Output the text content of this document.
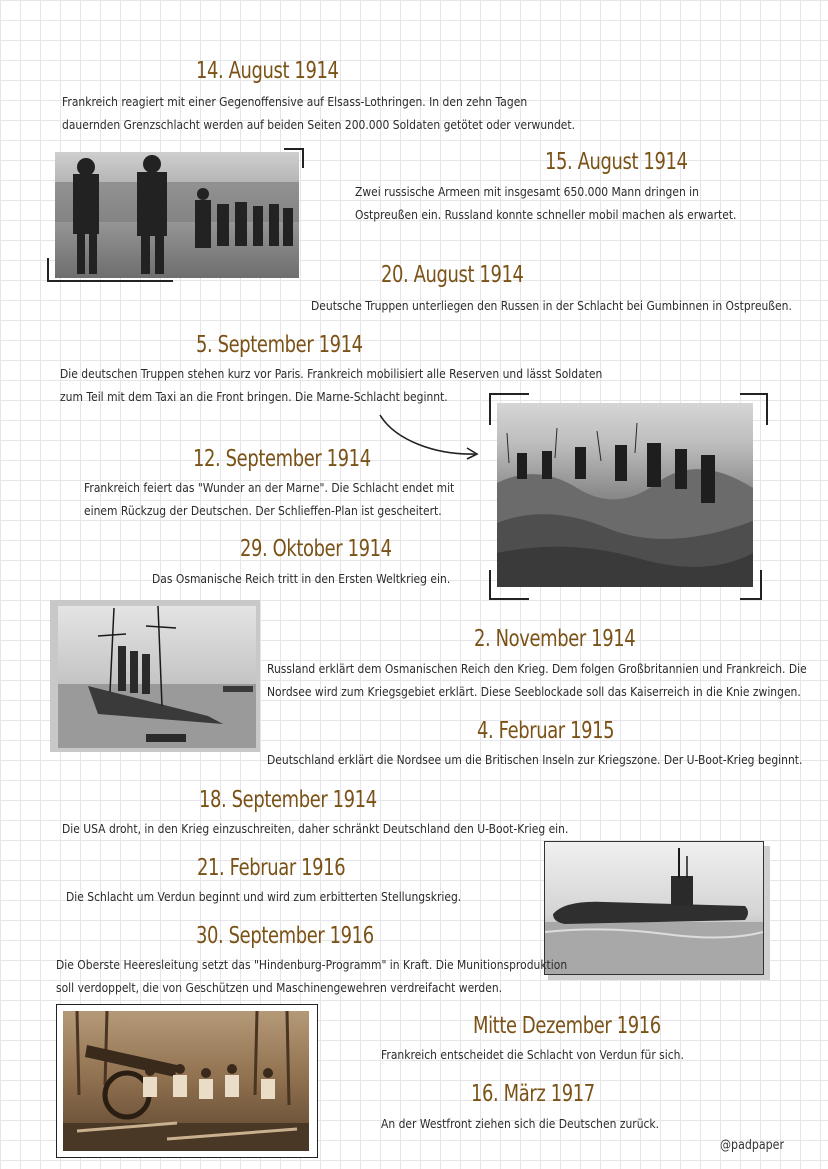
14. August 1914
Frankreich reagiert mit einer Gegenoffensive auf Elsass-Lothringen. In den zehn Tagen
dauernden Grenzschlacht werden auf beiden Seiten 200.000 Soldaten getötet oder verwundet.
15. August 1914
Zwei russische Armeen mit insgesamt 650.000 Mann dringen in
Ostpreußen ein. Russland konnte schneller mobil machen als erwartet.
20. August 1914
Deutsche Truppen unterliegen den Russen in der Schlacht bei Gumbinnen in Ostpreußen.
5. September 1914
Die deutschen Truppen stehen kurz vor Paris. Frankreich mobilisiert alle Reserven und lässt Soldaten
zum Teil mit dem Taxi an die Front bringen. Die Marne-Schlacht beginnt.
12. September 1914
Frankreich feiert das "Wunder an der Marne". Die Schlacht endet mit
einem Rückzug der Deutschen. Der Schlieffen-Plan ist gescheitert.
29. Oktober 1914
Das Osmanische Reich tritt in den Ersten Weltkrieg ein.
2. November 1914
Russland erklärt dem Osmanischen Reich den Krieg. Dem folgen Großbritannien und Frankreich. Die
Nordsee wird zum Kriegsgebiet erklärt. Diese Seeblockade soll das Kaiserreich in die Knie zwingen.
4. Februar 1915
Deutschland erklärt die Nordsee um die Britischen Inseln zur Kriegszone. Der U-Boot-Krieg beginnt.
18. September 1914
Die USA droht, in den Krieg einzuschreiten, daher schränkt Deutschland den U-Boot-Krieg ein.
21. Februar 1916
Die Schlacht um Verdun beginnt und wird zum erbitterten Stellungskrieg.
30. September 1916
Die Oberste Heeresleitung setzt das "Hindenburg-Programm" in Kraft. Die Munitionsproduktion
soll verdoppelt, die von Geschützen und Maschinengewehren verdreifacht werden.
Mitte Dezember 1916
Frankreich entscheidet die Schlacht von Verdun für sich.
16. März 1917
An der Westfront ziehen sich die Deutschen zurück.
@padpaper
